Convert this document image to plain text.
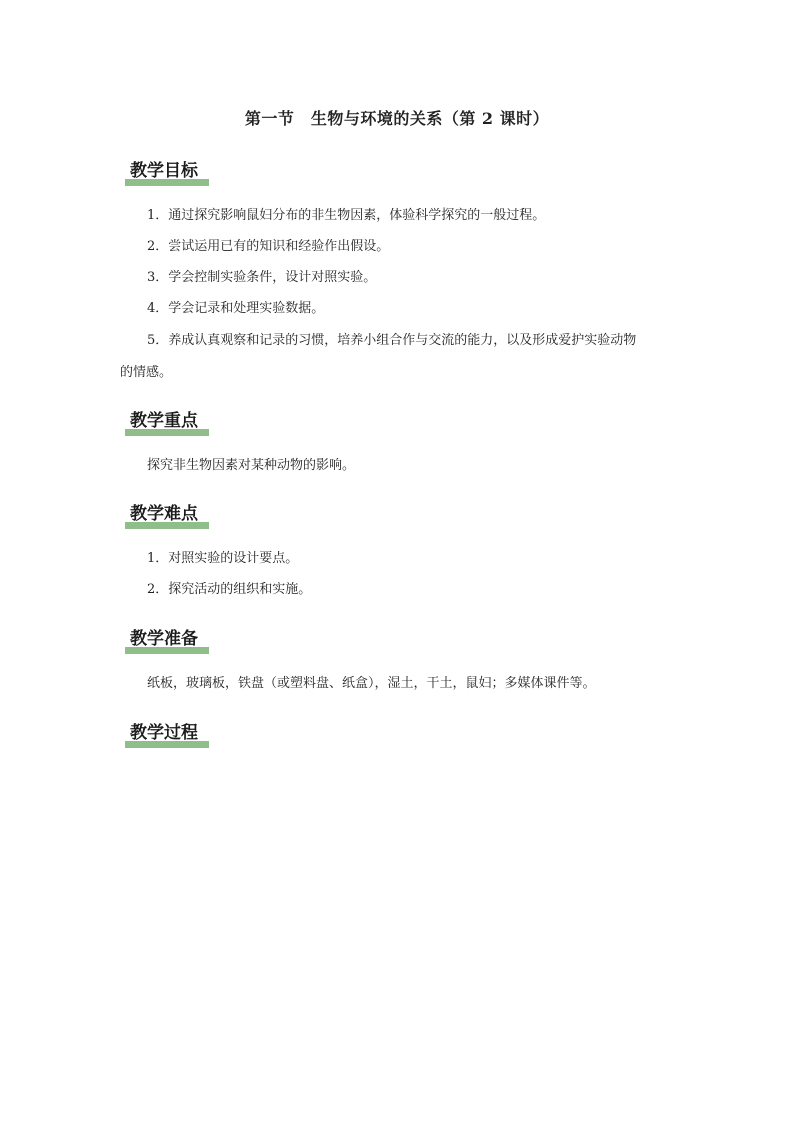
第一节　生物与环境的关系（第 2 课时）
教学目标
1．通过探究影响鼠妇分布的非生物因素，体验科学探究的一般过程。
2．尝试运用已有的知识和经验作出假设。
3．学会控制实验条件，设计对照实验。
4．学会记录和处理实验数据。
5．养成认真观察和记录的习惯，培养小组合作与交流的能力，以及形成爱护实验动物
的情感。
教学重点
探究非生物因素对某种动物的影响。
教学难点
1．对照实验的设计要点。
2．探究活动的组织和实施。
教学准备
纸板，玻璃板，铁盘（或塑料盘、纸盒），湿土，干土，鼠妇；多媒体课件等。
教学过程
